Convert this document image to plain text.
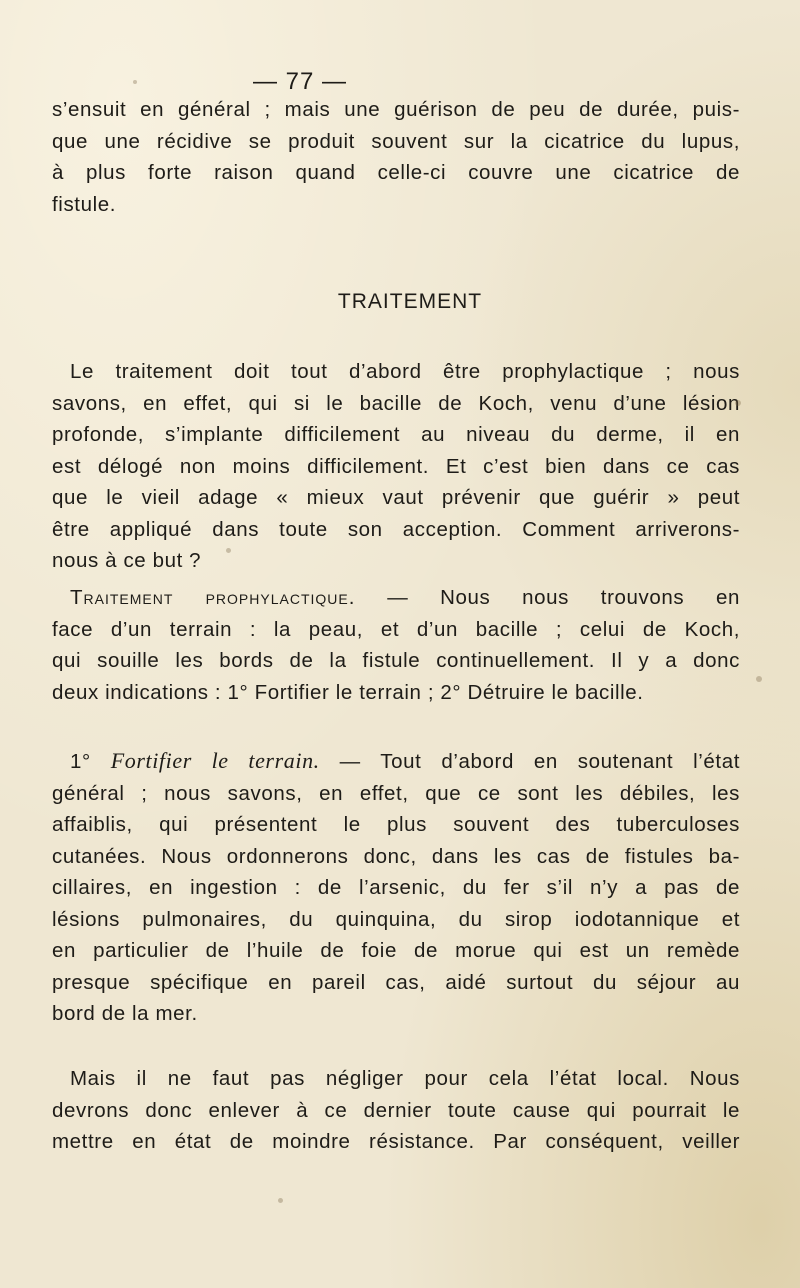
— 77 —
s’ensuit en général ; mais une guérison de peu de durée, puis-
que une récidive se produit souvent sur la cicatrice du lupus,
à plus forte raison quand celle-ci couvre une cicatrice de
fistule.
TRAITEMENT
Le traitement doit tout d’abord être prophylactique ; nous
savons, en effet, qui si le bacille de Koch, venu d’une lésion
profonde, s’implante difficilement au niveau du derme, il en
est délogé non moins difficilement. Et c’est bien dans ce cas
que le vieil adage « mieux vaut prévenir que guérir » peut
être appliqué dans toute son acception. Comment arriverons-
nous à ce but ?
Traitement prophylactique. — Nous nous trouvons en
face d’un terrain : la peau, et d’un bacille ; celui de Koch,
qui souille les bords de la fistule continuellement. Il y a donc
deux indications : 1° Fortifier le terrain ; 2° Détruire le bacille.
1° Fortifier le terrain. — Tout d’abord en soutenant l’état
général ; nous savons, en effet, que ce sont les débiles, les
affaiblis, qui présentent le plus souvent des tuberculoses
cutanées. Nous ordonnerons donc, dans les cas de fistules ba-
cillaires, en ingestion : de l’arsenic, du fer s’il n’y a pas de
lésions pulmonaires, du quinquina, du sirop iodotannique et
en particulier de l’huile de foie de morue qui est un remède
presque spécifique en pareil cas, aidé surtout du séjour au
bord de la mer.
Mais il ne faut pas négliger pour cela l’état local. Nous
devrons donc enlever à ce dernier toute cause qui pourrait le
mettre en état de moindre résistance. Par conséquent, veiller
